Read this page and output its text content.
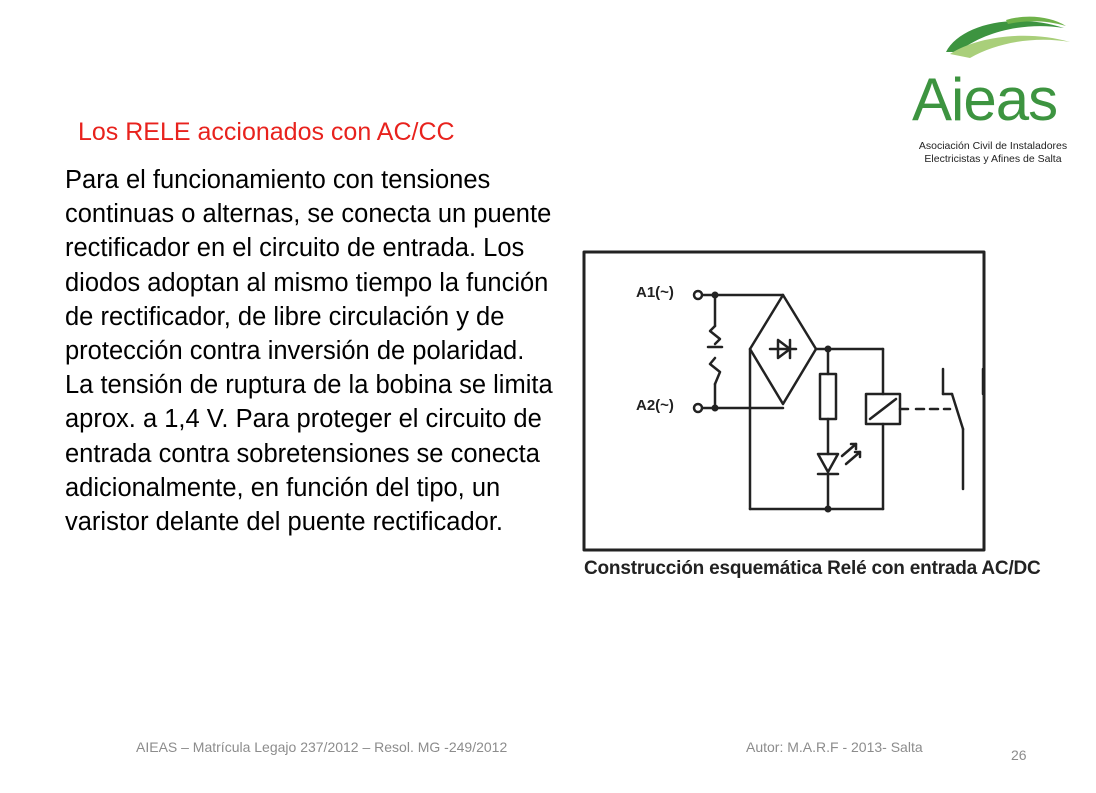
Los RELE accionados con AC/CC

Para el funcionamiento con tensiones continuas o alternas, se conecta un puente rectificador en el circuito de entrada. Los diodos adoptan al mismo tiempo la función de rectificador, de libre circulación y de protección contra inversión de polaridad.

La tensión de ruptura de la bobina se limita aprox. a 1,4 V. Para proteger el circuito de entrada contra sobretensiones se conecta adicionalmente, en función del tipo, un varistor delante del puente rectificador.

Aieas
Asociación Civil de Instaladores
Electricistas y Afines de Salta
A1(~)
A2(~)
Construcción esquemática Relé con entrada AC/DC
AIEAS – Matrícula Legajo 237/2012 – Resol. MG -249/2012	Autor: M.A.R.F - 2013- Salta	26
